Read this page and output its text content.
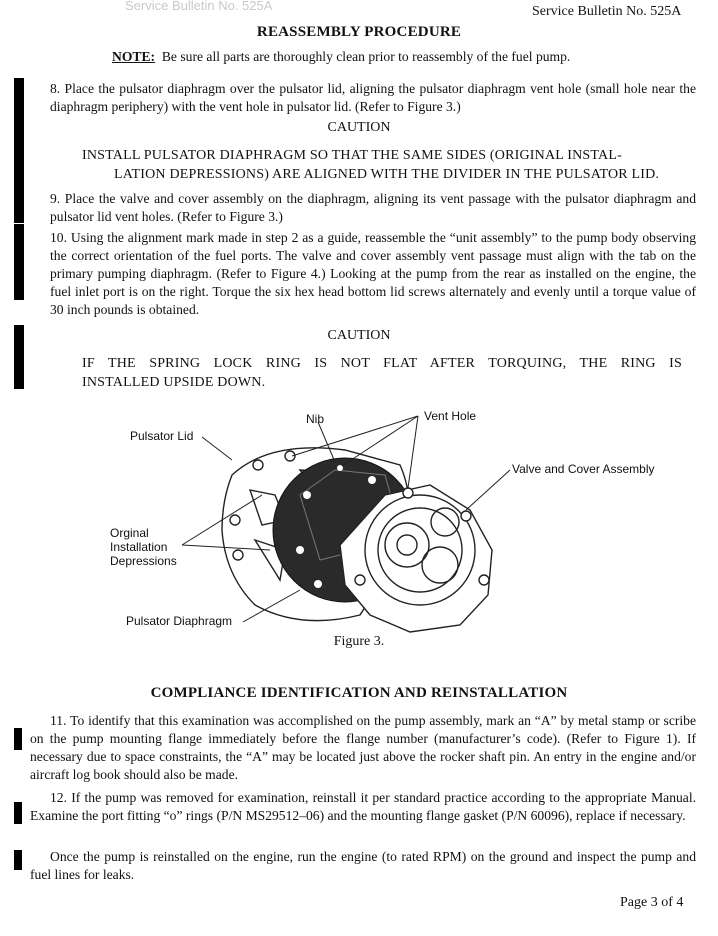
Service Bulletin No. 525A	Service Bulletin No. 525A
REASSEMBLY PROCEDURE
NOTE: Be sure all parts are thoroughly clean prior to reassembly of the fuel pump.
8. Place the pulsator diaphragm over the pulsator lid, aligning the pulsator diaphragm vent hole (small hole near the diaphragm periphery) with the vent hole in pulsator lid. (Refer to Figure 3.)
CAUTION
INSTALL PULSATOR DIAPHRAGM SO THAT THE SAME SIDES (ORIGINAL INSTAL-
LATION DEPRESSIONS) ARE ALIGNED WITH THE DIVIDER IN THE PULSATOR LID.
9. Place the valve and cover assembly on the diaphragm, aligning its vent passage with the pulsator diaphragm and pulsator lid vent holes. (Refer to Figure 3.)
10. Using the alignment mark made in step 2 as a guide, reassemble the “unit assembly” to the pump body observing the correct orientation of the fuel ports. The valve and cover assembly vent passage must align with the tab on the primary pumping diaphragm. (Refer to Figure 4.) Looking at the pump from the rear as installed on the engine, the fuel inlet port is on the right. Torque the six hex head bottom lid screws alternately and evenly until a torque value of 30 inch pounds is obtained.
CAUTION
IF THE SPRING LOCK RING IS NOT FLAT AFTER TORQUING, THE RING IS
INSTALLED UPSIDE DOWN.
Pulsator Lid
Nib	Vent Hole
Valve and Cover Assembly
Orginal
Installation
Depressions
Pulsator Diaphragm
Figure 3.
COMPLIANCE IDENTIFICATION AND REINSTALLATION
11. To identify that this examination was accomplished on the pump assembly, mark an “A” by metal stamp or scribe on the pump mounting flange immediately before the flange number (manufacturer’s code). (Refer to Figure 1). If necessary due to space constraints, the “A” may be located just above the rocker shaft pin. An entry in the engine and/or aircraft log book should also be made.
12. If the pump was removed for examination, reinstall it per standard practice according to the appropriate Manual. Examine the port fitting “o” rings (P/N MS29512–06) and the mounting flange gasket (P/N 60096), replace if necessary.
Once the pump is reinstalled on the engine, run the engine (to rated RPM) on the ground and inspect the pump and fuel lines for leaks.
Page 3 of 4
